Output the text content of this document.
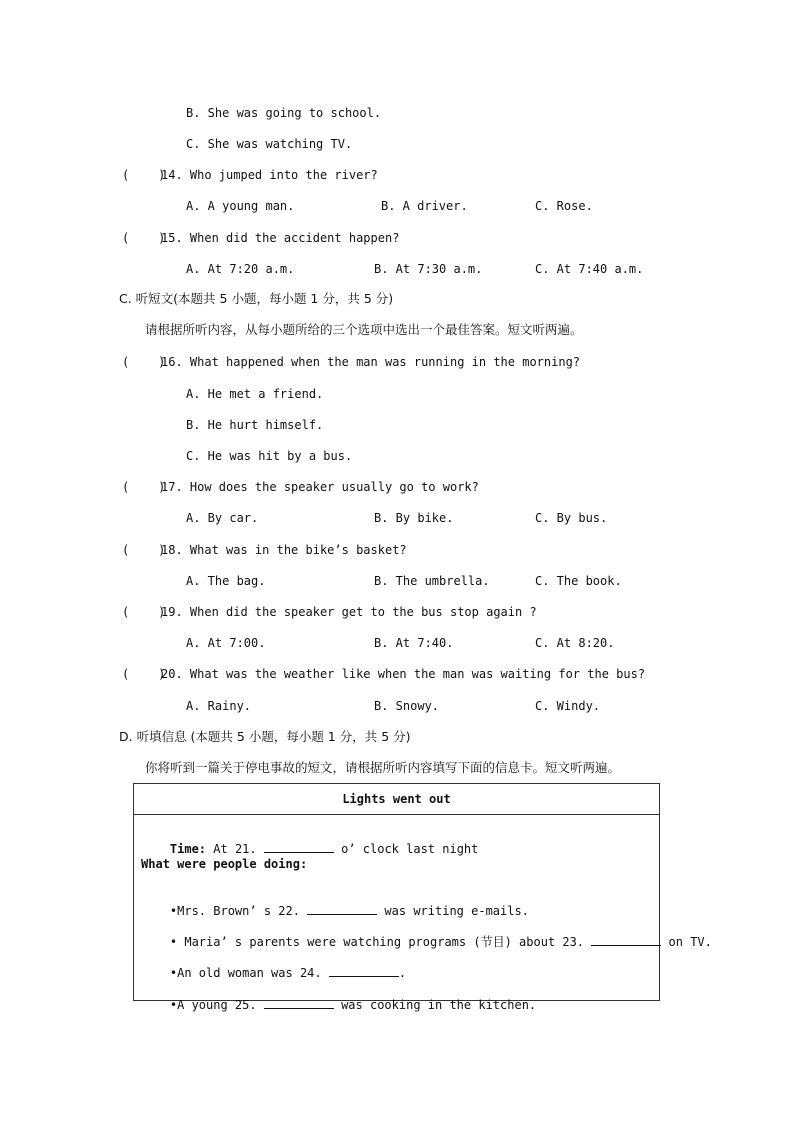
B. She was going to school.
C. She was watching TV.
(    )
14. Who jumped into the river?
A. A young man.	B. A driver.	C. Rose.
(    )
15. When did the accident happen?
A. At 7:20 a.m.	B. At 7:30 a.m.	C. At 7:40 a.m.
C. 听短文(本题共 5 小题，每小题 1 分，共 5 分)
请根据所听内容，从每小题所给的三个选项中选出一个最佳答案。短文听两遍。
(    )
16. What happened when the man was running in the morning?
A. He met a friend.
B. He hurt himself.
C. He was hit by a bus.
(    )
17. How does the speaker usually go to work?
A. By car.	B. By bike.	C. By bus.
(    )
18. What was in the bike’s basket?
A. The bag.	B. The umbrella.	C. The book.
(    )
19. When did the speaker get to the bus stop again ?
A. At 7:00.	B. At 7:40.	C. At 8:20.
(    )
20. What was the weather like when the man was waiting for the bus?
A. Rainy.	B. Snowy.	C. Windy.
D. 听填信息 (本题共 5 小题，每小题 1 分，共 5 分)
你将听到一篇关于停电事故的短文，请根据所听内容填写下面的信息卡。短文听两遍。
Lights went out

Time: At 21.	o’ clock last night

What were people doing:

•Mrs. Brown’ s 22.	was writing e-mails.

• Maria’ s parents were watching programs (节目) about 23.	on TV.

•An old woman was 24.	.

•A young 25.	was cooking in the kitchen.
